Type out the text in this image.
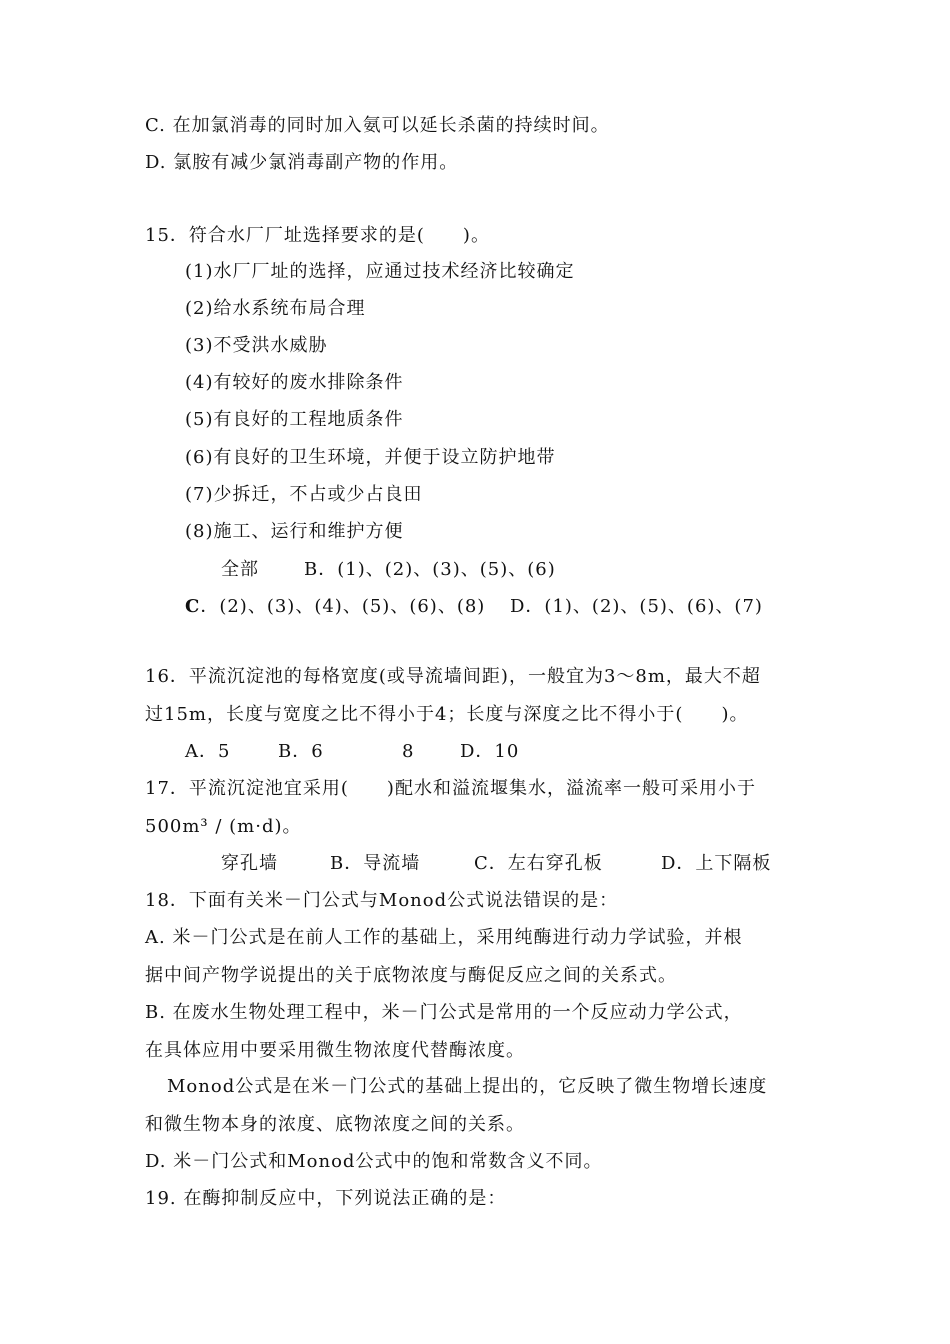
C. 在加氯消毒的同时加入氨可以延长杀菌的持续时间。
D. 氯胺有减少氯消毒副产物的作用。
15．符合水厂厂址选择要求的是(　　)。
(1)水厂厂址的选择，应通过技术经济比较确定
(2)给水系统布局合理
(3)不受洪水威胁
(4)有较好的废水排除条件
(5)有良好的工程地质条件
(6)有良好的卫生环境，并便于设立防护地带
(7)少拆迁，不占或少占良田
(8)施工、运行和维护方便
全部	B．(1)、(2)、(3)、(5)、(6)
C．(2)、(3)、(4)、(5)、(6)、(8) D．(1)、(2)、(5)、(6)、(7)
16．平流沉淀池的每格宽度(或导流墙间距)，一般宜为3～8m，最大不超
过15m，长度与宽度之比不得小于4；长度与深度之比不得小于(　　)。
A．5	B．6	8	D．10
17．平流沉淀池宜采用(　　)配水和溢流堰集水，溢流率一般可采用小于
500m³ / (m·d)。
穿孔墙	B．导流墙	C．左右穿孔板	D．上下隔板
18．下面有关米－门公式与Monod公式说法错误的是：
A. 米－门公式是在前人工作的基础上，采用纯酶进行动力学试验，并根
据中间产物学说提出的关于底物浓度与酶促反应之间的关系式。
B. 在废水生物处理工程中，米－门公式是常用的一个反应动力学公式，
在具体应用中要采用微生物浓度代替酶浓度。
Monod公式是在米－门公式的基础上提出的，它反映了微生物增长速度
和微生物本身的浓度、底物浓度之间的关系。
D. 米－门公式和Monod公式中的饱和常数含义不同。
19. 在酶抑制反应中，下列说法正确的是：
